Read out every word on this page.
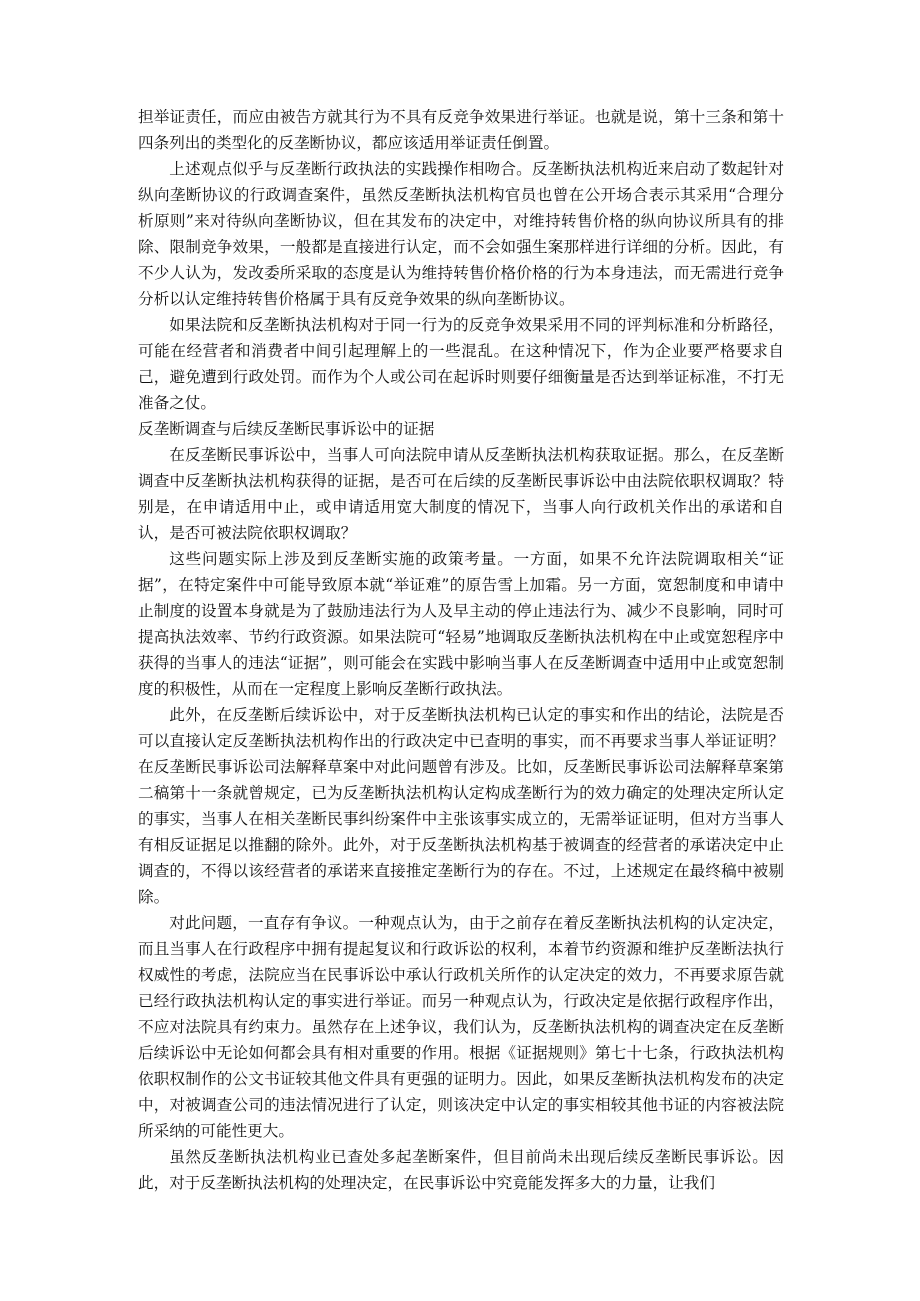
担举证责任，而应由被告方就其行为不具有反竞争效果进行举证。也就是说，第十三条和第十四条列出的类型化的反垄断协议，都应该适用举证责任倒置。

上述观点似乎与反垄断行政执法的实践操作相吻合。反垄断执法机构近来启动了数起针对纵向垄断协议的行政调查案件，虽然反垄断执法机构官员也曾在公开场合表示其采用“合理分析原则”来对待纵向垄断协议，但在其发布的决定中，对维持转售价格的纵向协议所具有的排除、限制竞争效果，一般都是直接进行认定，而不会如强生案那样进行详细的分析。因此，有不少人认为，发改委所采取的态度是认为维持转售价格价格的行为本身违法，而无需进行竞争分析以认定维持转售价格属于具有反竞争效果的纵向垄断协议。

如果法院和反垄断执法机构对于同一行为的反竞争效果采用不同的评判标准和分析路径，可能在经营者和消费者中间引起理解上的一些混乱。在这种情况下，作为企业要严格要求自己，避免遭到行政处罚。而作为个人或公司在起诉时则要仔细衡量是否达到举证标准，不打无准备之仗。

反垄断调查与后续反垄断民事诉讼中的证据

在反垄断民事诉讼中，当事人可向法院申请从反垄断执法机构获取证据。那么，在反垄断调查中反垄断执法机构获得的证据，是否可在后续的反垄断民事诉讼中由法院依职权调取？特别是，在申请适用中止，或申请适用宽大制度的情况下，当事人向行政机关作出的承诺和自认，是否可被法院依职权调取？

这些问题实际上涉及到反垄断实施的政策考量。一方面，如果不允许法院调取相关“证据”，在特定案件中可能导致原本就“举证难”的原告雪上加霜。另一方面，宽恕制度和申请中止制度的设置本身就是为了鼓励违法行为人及早主动的停止违法行为、减少不良影响，同时可提高执法效率、节约行政资源。如果法院可“轻易”地调取反垄断执法机构在中止或宽恕程序中获得的当事人的违法“证据”，则可能会在实践中影响当事人在反垄断调查中适用中止或宽恕制度的积极性，从而在一定程度上影响反垄断行政执法。

此外，在反垄断后续诉讼中，对于反垄断执法机构已认定的事实和作出的结论，法院是否可以直接认定反垄断执法机构作出的行政决定中已查明的事实，而不再要求当事人举证证明？在反垄断民事诉讼司法解释草案中对此问题曾有涉及。比如，反垄断民事诉讼司法解释草案第二稿第十一条就曾规定，已为反垄断执法机构认定构成垄断行为的效力确定的处理决定所认定的事实，当事人在相关垄断民事纠纷案件中主张该事实成立的，无需举证证明，但对方当事人有相反证据足以推翻的除外。此外，对于反垄断执法机构基于被调查的经营者的承诺决定中止调查的，不得以该经营者的承诺来直接推定垄断行为的存在。不过，上述规定在最终稿中被剔除。

对此问题，一直存有争议。一种观点认为，由于之前存在着反垄断执法机构的认定决定，而且当事人在行政程序中拥有提起复议和行政诉讼的权利，本着节约资源和维护反垄断法执行权威性的考虑，法院应当在民事诉讼中承认行政机关所作的认定决定的效力，不再要求原告就已经行政执法机构认定的事实进行举证。而另一种观点认为，行政决定是依据行政程序作出，不应对法院具有约束力。虽然存在上述争议，我们认为，反垄断执法机构的调查决定在反垄断后续诉讼中无论如何都会具有相对重要的作用。根据《证据规则》第七十七条，行政执法机构依职权制作的公文书证较其他文件具有更强的证明力。因此，如果反垄断执法机构发布的决定中，对被调查公司的违法情况进行了认定，则该决定中认定的事实相较其他书证的内容被法院所采纳的可能性更大。

虽然反垄断执法机构业已查处多起垄断案件，但目前尚未出现后续反垄断民事诉讼。因此，对于反垄断执法机构的处理决定，在民事诉讼中究竟能发挥多大的力量，让我们
